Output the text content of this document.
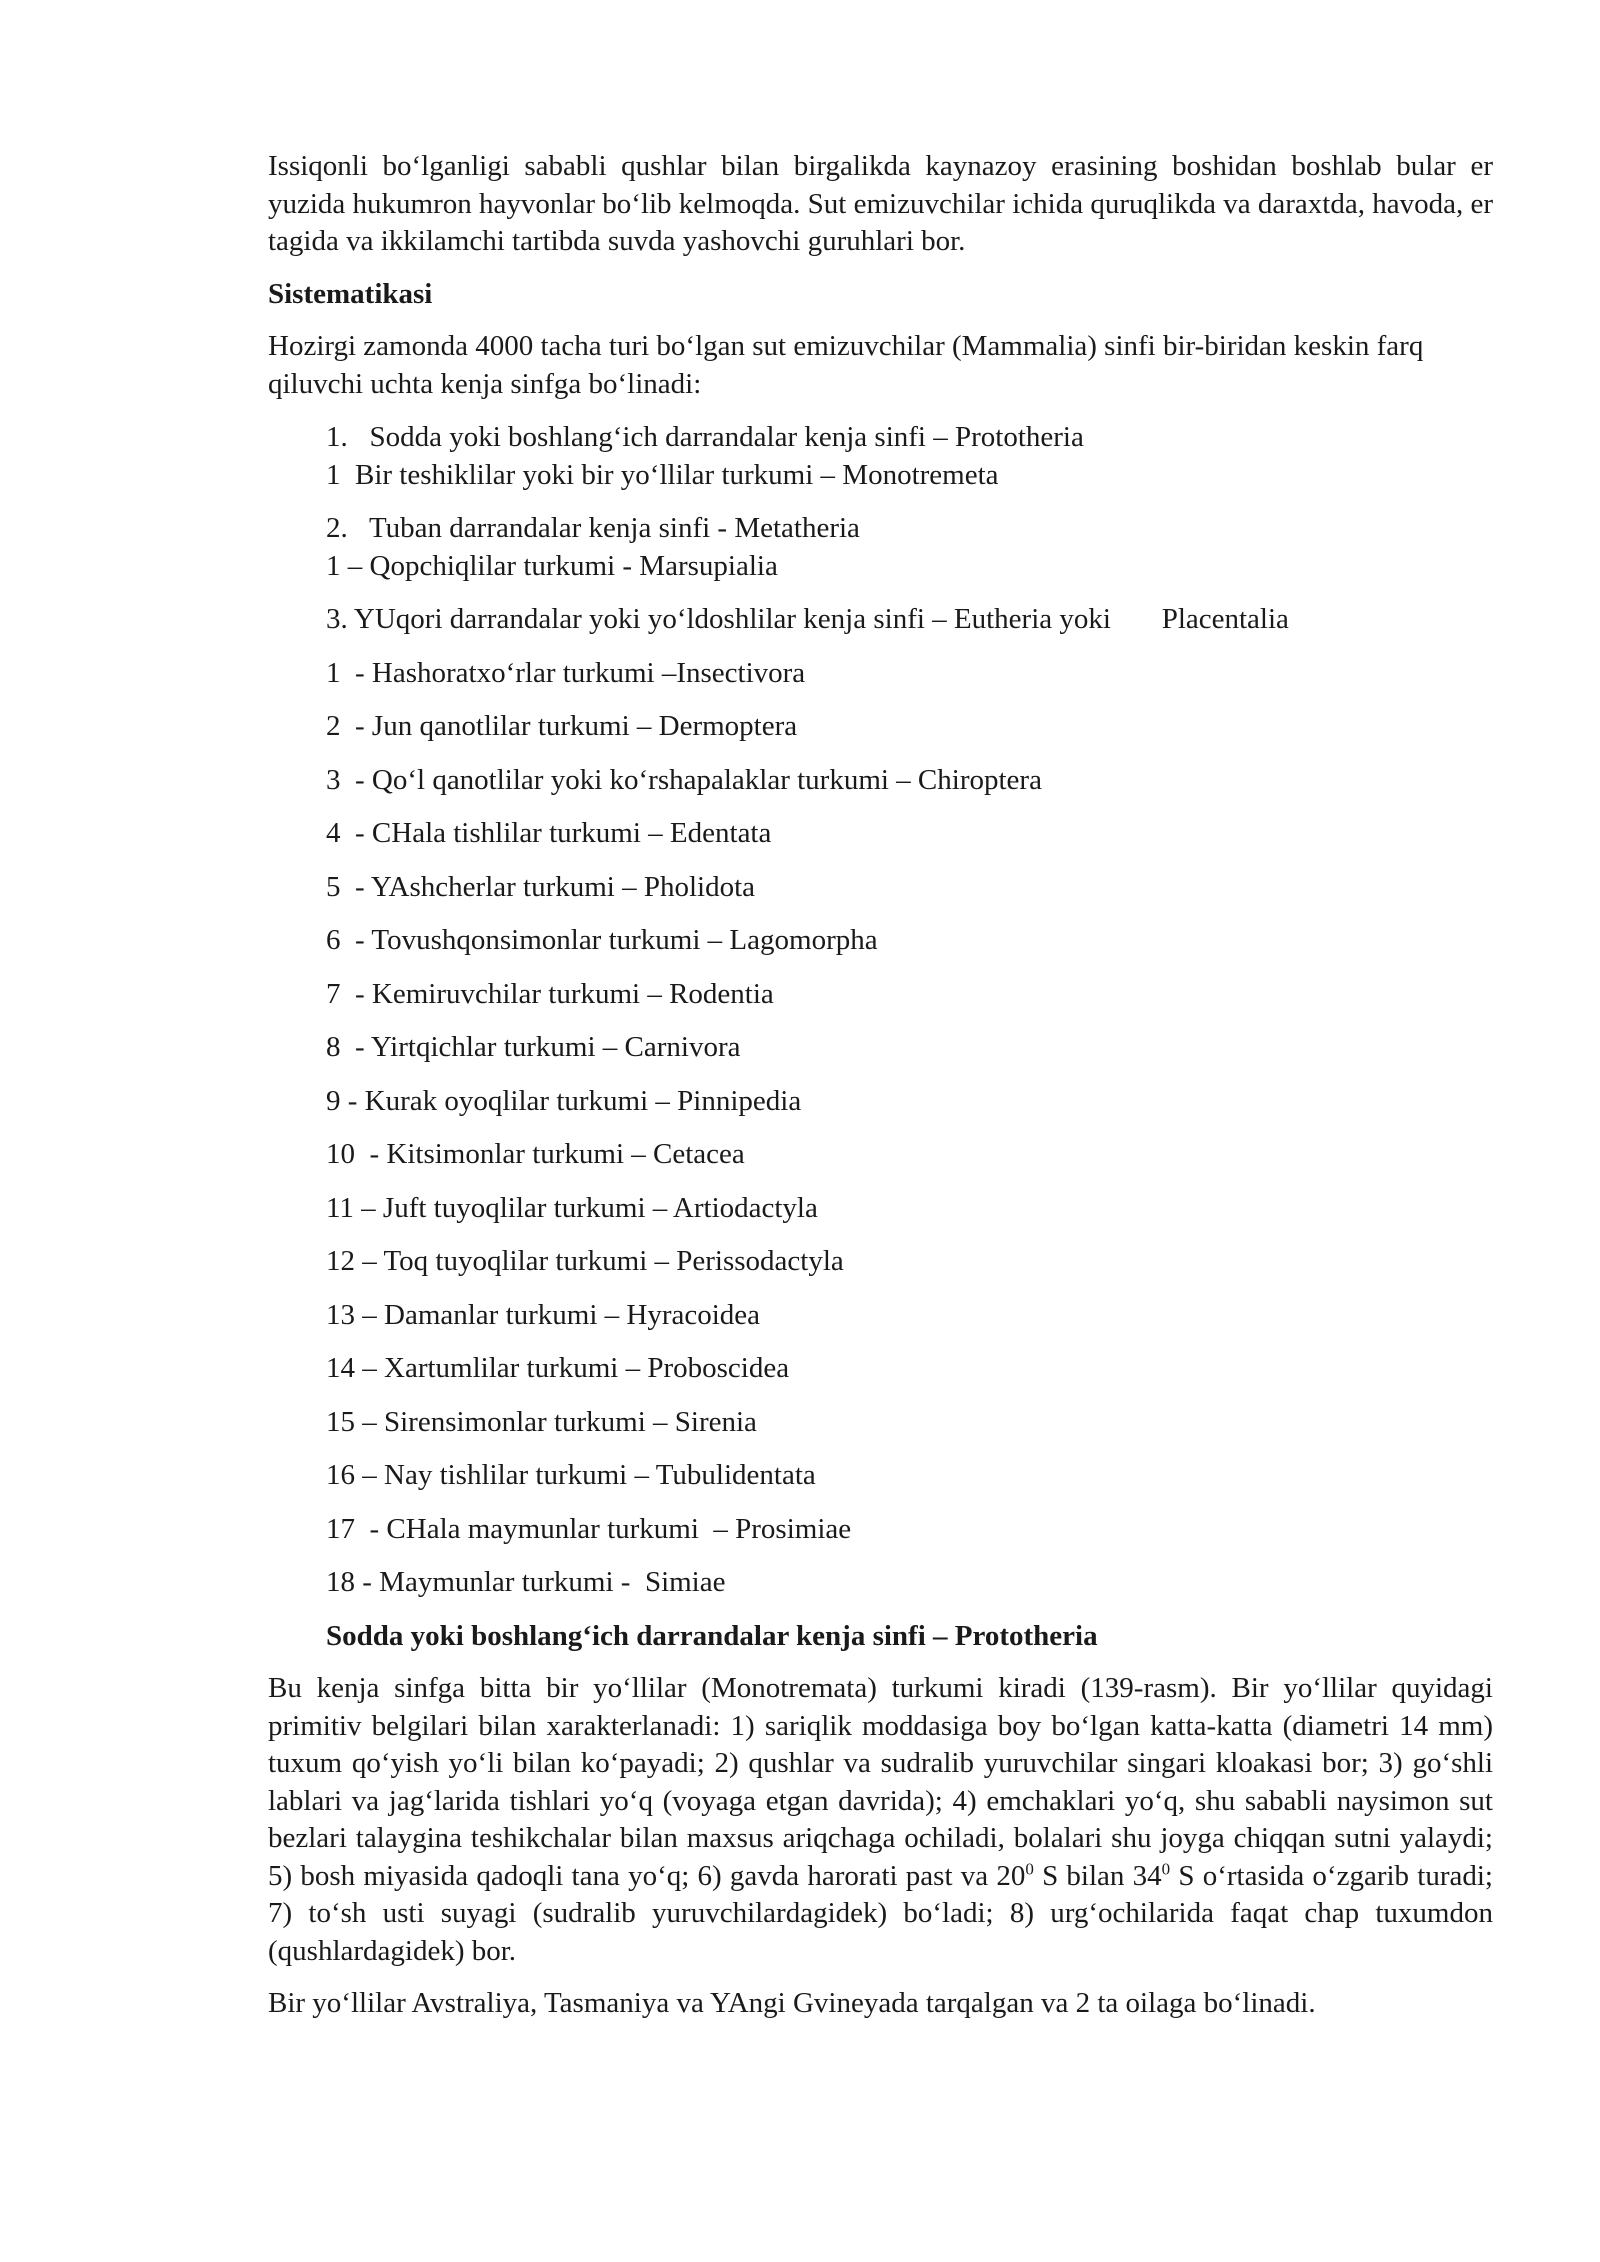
Issiqonli bo‘lganligi sababli qushlar bilan birgalikda kaynazoy erasining boshidan boshlab bular er yuzida hukumron hayvonlar bo‘lib kelmoqda. Sut emizuvchilar ichida quruqlikda va daraxtda, havoda, er tagida va ikkilamchi tartibda suvda yashovchi guruhlari bor.

Sistematikasi

Hozirgi zamonda 4000 tacha turi bo‘lgan sut emizuvchilar (Mammalia) sinfi bir-biridan keskin farq qiluvchi uchta kenja sinfga bo‘linadi:

1.   Sodda yoki boshlang‘ich darrandalar kenja sinfi – Prototheria
1  Bir teshiklilar yoki bir yo‘llilar turkumi – Monotremeta
2.   Tuban darrandalar kenja sinfi - Metatheria
1 – Qopchiqlilar turkumi - Marsupialia
3. YUqori darrandalar yoki yo‘ldoshlilar kenja sinfi – Eutheria yoki       Placentalia
1  - Hashoratxo‘rlar turkumi –Insectivora
2  - Jun qanotlilar turkumi – Dermoptera
3  - Qo‘l qanotlilar yoki ko‘rshapalaklar turkumi – Chiroptera
4  - CHala tishlilar turkumi – Edentata
5  - YAshcherlar turkumi – Pholidota
6  - Tovushqonsimonlar turkumi – Lagomorpha
7  - Kemiruvchilar turkumi – Rodentia
8  - Yirtqichlar turkumi – Carnivora
9 - Kurak oyoqlilar turkumi – Pinnipedia
10  - Kitsimonlar turkumi – Cetacea
11 – Juft tuyoqlilar turkumi – Artiodactyla
12 – Toq tuyoqlilar turkumi – Perissodactyla
13 – Damanlar turkumi – Hyracoidea
14 – Xartumlilar turkumi – Proboscidea
15 – Sirensimonlar turkumi – Sirenia
16 – Nay tishlilar turkumi – Tubulidentata
17  - CHala maymunlar turkumi  – Prosimiae
18 - Maymunlar turkumi -  Simiae

Sodda yoki boshlang‘ich darrandalar kenja sinfi – Prototheria

Bu kenja sinfga bitta bir yo‘llilar (Monotremata) turkumi kiradi (139-rasm). Bir yo‘llilar quyidagi primitiv belgilari bilan xarakterlanadi: 1) sariqlik moddasiga boy bo‘lgan katta-katta (diametri 14 mm) tuxum qo‘yish yo‘li bilan ko‘payadi; 2) qushlar va sudralib yuruvchilar singari kloakasi bor; 3) go‘shli lablari va jag‘larida tishlari yo‘q (voyaga etgan davrida); 4) emchaklari yo‘q, shu sababli naysimon sut bezlari talaygina teshikchalar bilan maxsus ariqchaga ochiladi, bolalari shu joyga chiqqan sutni yalaydi; 5) bosh miyasida qadoqli tana yo‘q; 6) gavda harorati past va $20^0$ S bilan $34^0$ S o‘rtasida o‘zgarib turadi; 7) to‘sh usti suyagi (sudralib yuruvchilardagidek) bo‘ladi; 8) urg‘ochilarida faqat chap tuxumdon (qushlardagidek) bor.

Bir yo‘llilar Avstraliya, Tasmaniya va YAngi Gvineyada tarqalgan va 2 ta oilaga bo‘linadi.
